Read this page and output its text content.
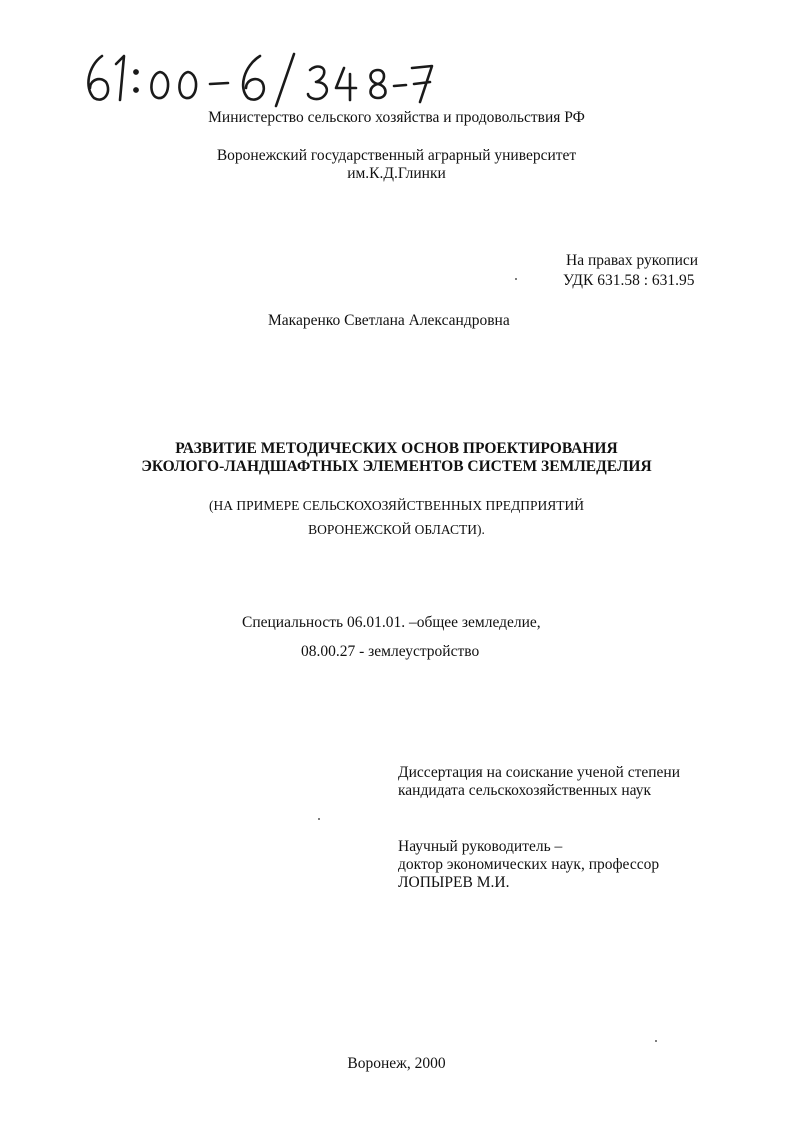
Министерство сельского хозяйства и продовольствия РФ
Воронежский государственный аграрный университет
им.К.Д.Глинки
На правах рукописи
УДК 631.58 : 631.95
Макаренко Светлана Александровна
РАЗВИТИЕ МЕТОДИЧЕСКИХ ОСНОВ ПРОЕКТИРОВАНИЯ
ЭКОЛОГО-ЛАНДШАФТНЫХ ЭЛЕМЕНТОВ СИСТЕМ ЗЕМЛЕДЕЛИЯ
(НА ПРИМЕРЕ СЕЛЬСКОХОЗЯЙСТВЕННЫХ ПРЕДПРИЯТИЙ
ВОРОНЕЖСКОЙ ОБЛАСТИ).
Специальность 06.01.01. –общее земледелие,
08.00.27 - землеустройство
Диссертация на соискание ученой степени
кандидата сельскохозяйственных наук
Научный руководитель –
доктор экономических наук, профессор
ЛОПЫРЕВ М.И.
Воронеж, 2000
